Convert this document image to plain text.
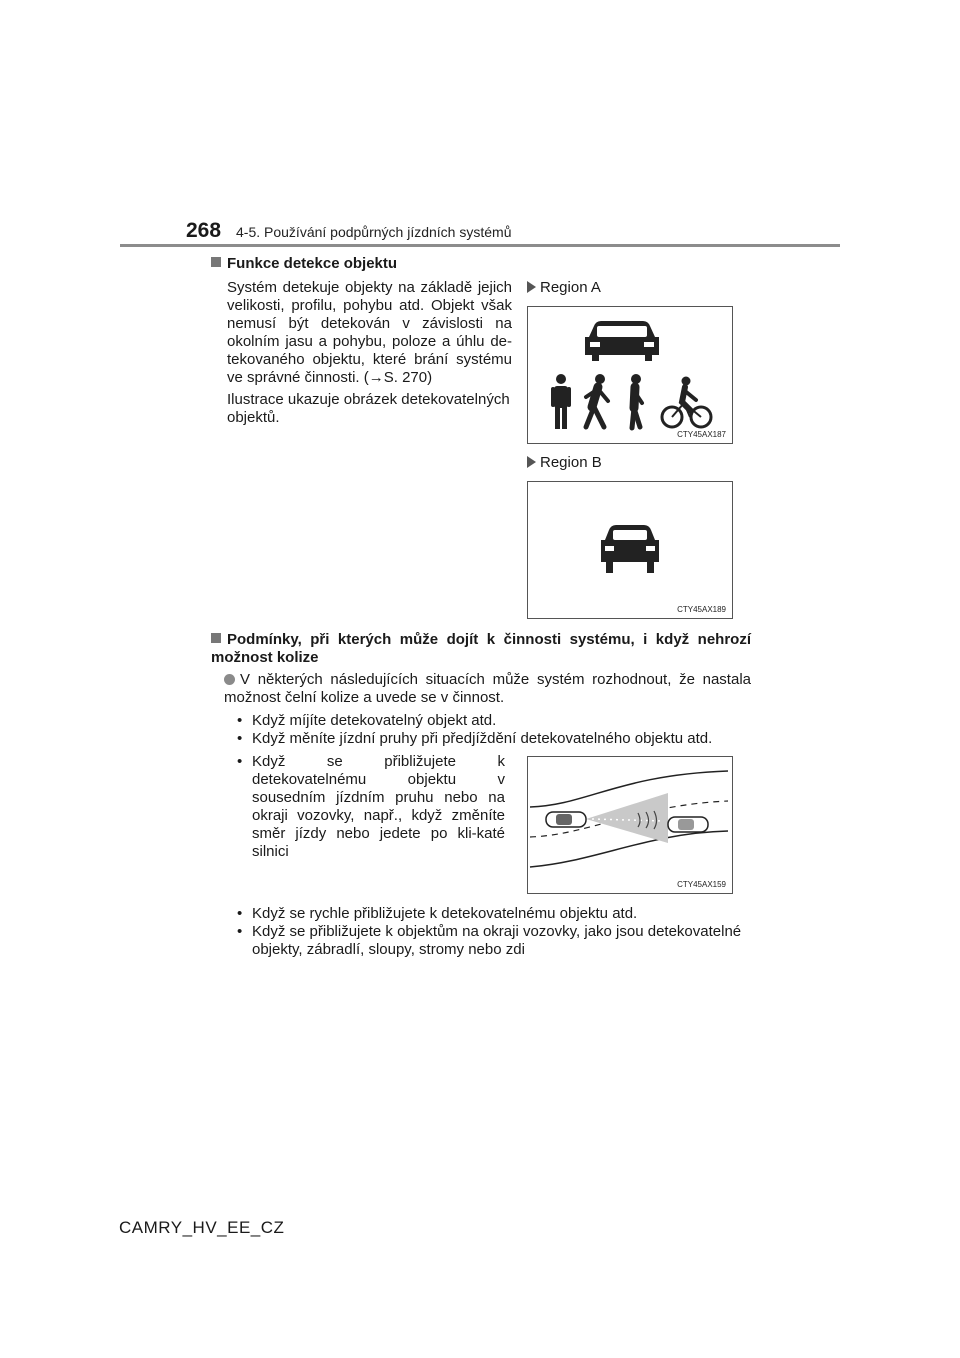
268 4-5. Používání podpůrných jízdních systémů
Funkce detekce objektu
Systém detekuje objekty na základě jejich velikosti, profilu, pohybu atd. Objekt však nemusí být detekován v závislosti na okolním jasu a pohybu, poloze a úhlu de-tekovaného objektu, které brání systému ve správné činnosti. (→S. 270)
Ilustrace ukazuje obrázek detekovatelných objektů.
Region A
CTY45AX187
Region B
CTY45AX189
Podmínky, při kterých může dojít k činnosti systému, i když nehrozí možnost kolize
V některých následujících situacích může systém rozhodnout, že nastala možnost čelní kolize a uvede se v činnost.
• Když míjíte detekovatelný objekt atd.
• Když měníte jízdní pruhy při předjíždění detekovatelného objektu atd.
• Když se přibližujete k detekovatelnému objektu v sousedním jízdním pruhu nebo na okraji vozovky, např., když změníte směr jízdy nebo jedete po kli-katé silnici
CTY45AX159
• Když se rychle přibližujete k detekovatelnému objektu atd.
• Když se přibližujete k objektům na okraji vozovky, jako jsou detekovatelné objekty, zábradlí, sloupy, stromy nebo zdi
CAMRY_HV_EE_CZ
